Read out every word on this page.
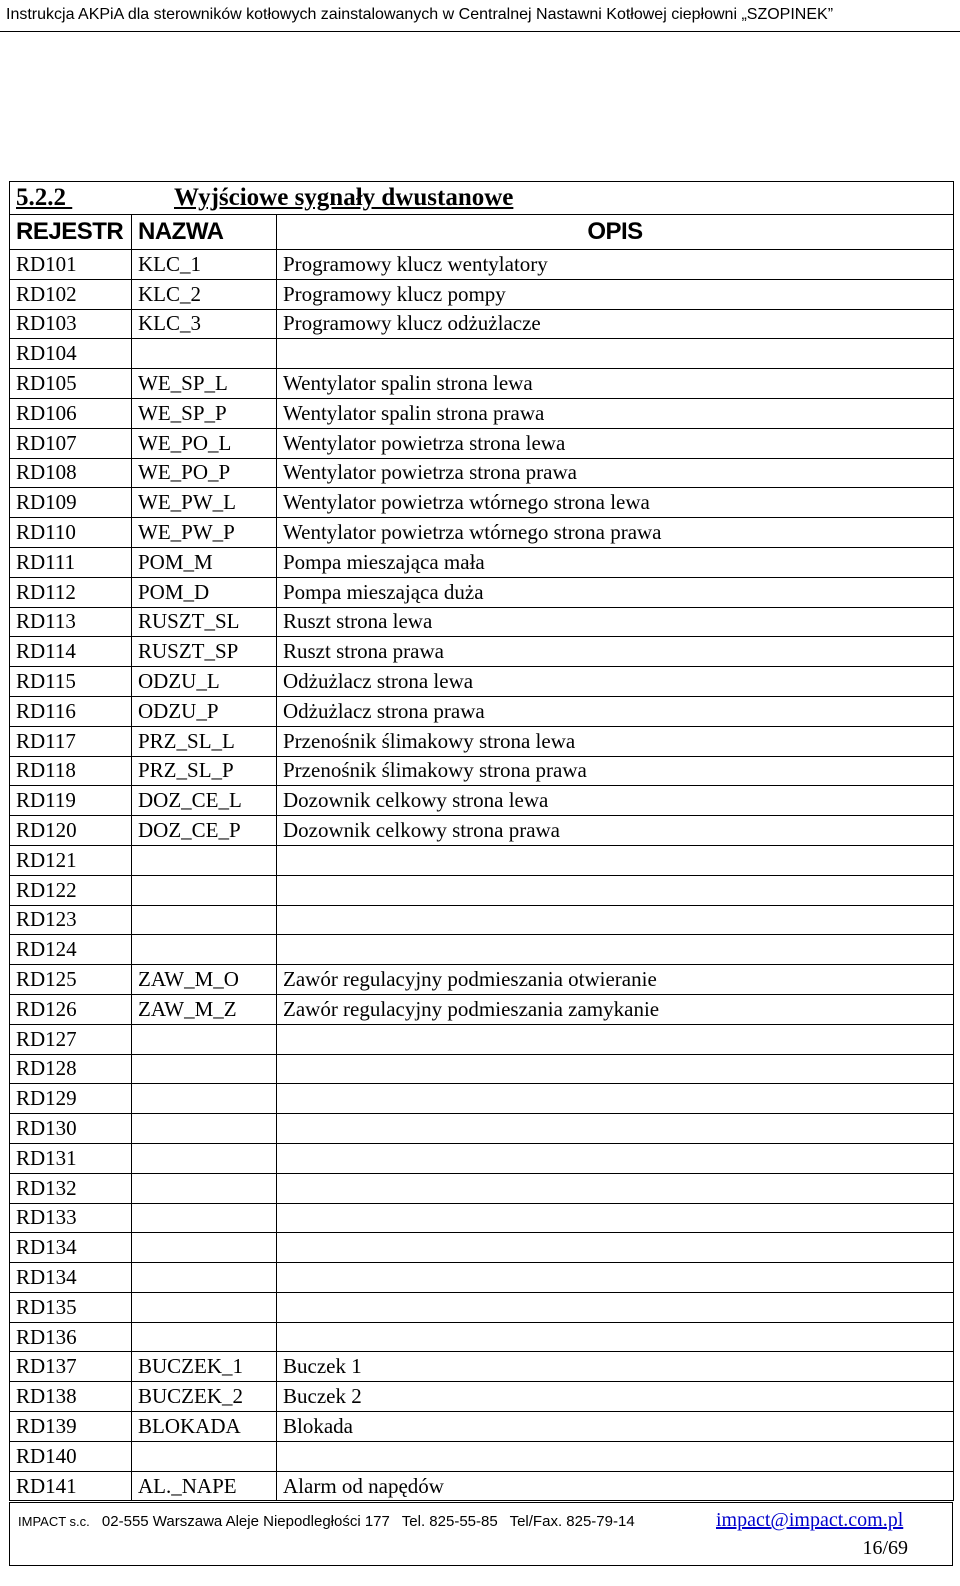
Instrukcja AKPiA dla sterowników kotłowych zainstalowanych w Centralnej Nastawni Kotłowej ciepłowni „SZOPINEK”
5.2.2 Wyjściowe sygnały dwustanowe		
REJESTR	NAZWA	OPIS
RD101	KLC_1	Programowy klucz wentylatory
RD102	KLC_2	Programowy klucz pompy
RD103	KLC_3	Programowy klucz odżużlacze
RD104		
RD105	WE_SP_L	Wentylator spalin strona lewa
RD106	WE_SP_P	Wentylator spalin strona prawa
RD107	WE_PO_L	Wentylator powietrza strona lewa
RD108	WE_PO_P	Wentylator powietrza strona prawa
RD109	WE_PW_L	Wentylator powietrza wtórnego strona lewa
RD110	WE_PW_P	Wentylator powietrza wtórnego strona prawa
RD111	POM_M	Pompa mieszająca mała
RD112	POM_D	Pompa mieszająca duża
RD113	RUSZT_SL	Ruszt strona lewa
RD114	RUSZT_SP	Ruszt strona prawa
RD115	ODZU_L	Odżużlacz strona lewa
RD116	ODZU_P	Odżużlacz strona prawa
RD117	PRZ_SL_L	Przenośnik ślimakowy strona lewa
RD118	PRZ_SL_P	Przenośnik ślimakowy strona prawa
RD119	DOZ_CE_L	Dozownik celkowy strona lewa
RD120	DOZ_CE_P	Dozownik celkowy strona prawa
RD121		
RD122		
RD123		
RD124		
RD125	ZAW_M_O	Zawór regulacyjny podmieszania otwieranie
RD126	ZAW_M_Z	Zawór regulacyjny podmieszania zamykanie
RD127		
RD128		
RD129		
RD130		
RD131		
RD132		
RD133		
RD134		
RD134		
RD135		
RD136		
RD137	BUCZEK_1	Buczek 1
RD138	BUCZEK_2	Buczek 2
RD139	BLOKADA	Blokada
RD140		
RD141	AL._NAPE	Alarm od napędów
IMPACT s.c. 02-555 Warszawa Aleje Niepodległości 177 Tel. 825-55-85 Tel/Fax. 825-79-14	impact@impact.com.pl
16/69
